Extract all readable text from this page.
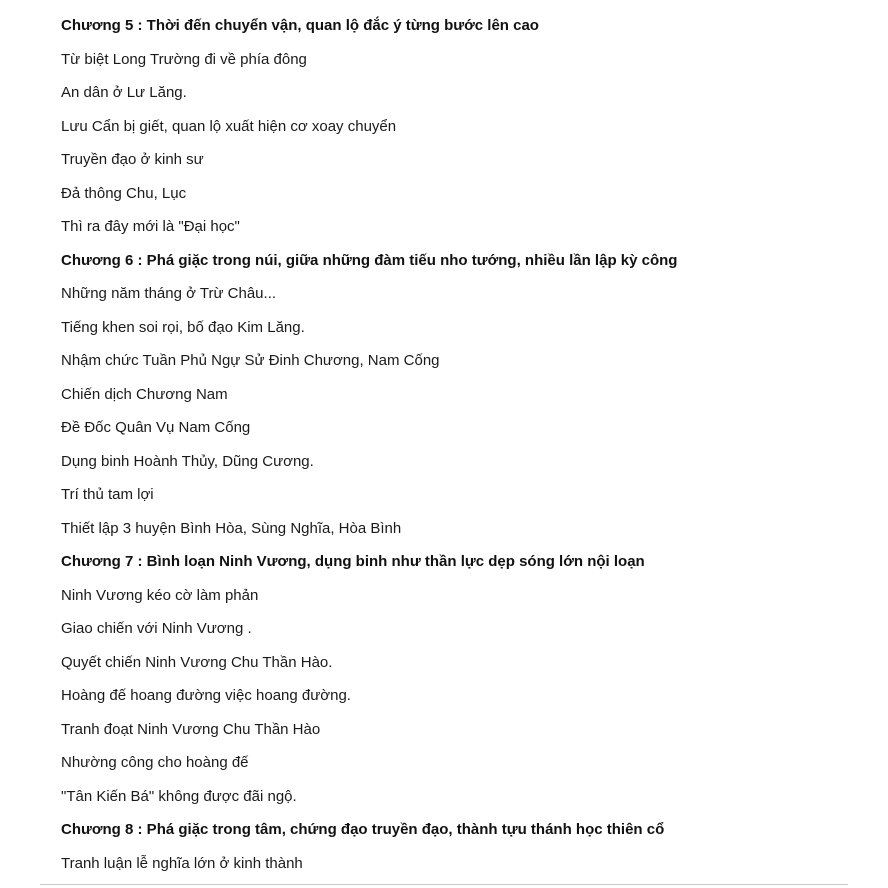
Chương 5 : Thời đến chuyển vận, quan lộ đắc ý từng bước lên cao
Từ biệt Long Trường đi về phía đông
An dân ở Lư Lăng.
Lưu Cẩn bị giết, quan lộ xuất hiện cơ xoay chuyển
Truyền đạo ở kinh sư
Đả thông Chu, Lục
Thì ra đây mới là "Đại học"
Chương 6 : Phá giặc trong núi, giữa những đàm tiếu nho tướng, nhiều lần lập kỳ công
Những năm tháng ở Trừ Châu...
Tiếng khen soi rọi, bố đạo Kim Lăng.
Nhậm chức Tuần Phủ Ngự Sử Đinh Chương, Nam Cống
Chiến dịch Chương Nam
Đề Đốc Quân Vụ Nam Cống
Dụng binh Hoành Thủy, Dũng Cương.
Trí thủ tam lợi
Thiết lập 3 huyện Bình Hòa, Sùng Nghĩa, Hòa Bình
Chương 7 : Bình loạn Ninh Vương, dụng binh như thần lực dẹp sóng lớn nội loạn
Ninh Vương kéo cờ làm phản
Giao chiến với Ninh Vương .
Quyết chiến Ninh Vương Chu Thần Hào.
Hoàng đế hoang đường việc hoang đường.
Tranh đoạt Ninh Vương Chu Thần Hào
Nhường công cho hoàng đế
"Tân Kiến Bá" không được đãi ngộ.
Chương 8 : Phá giặc trong tâm, chứng đạo truyền đạo, thành tựu thánh học thiên cổ
Tranh luận lễ nghĩa lớn ở kinh thành
